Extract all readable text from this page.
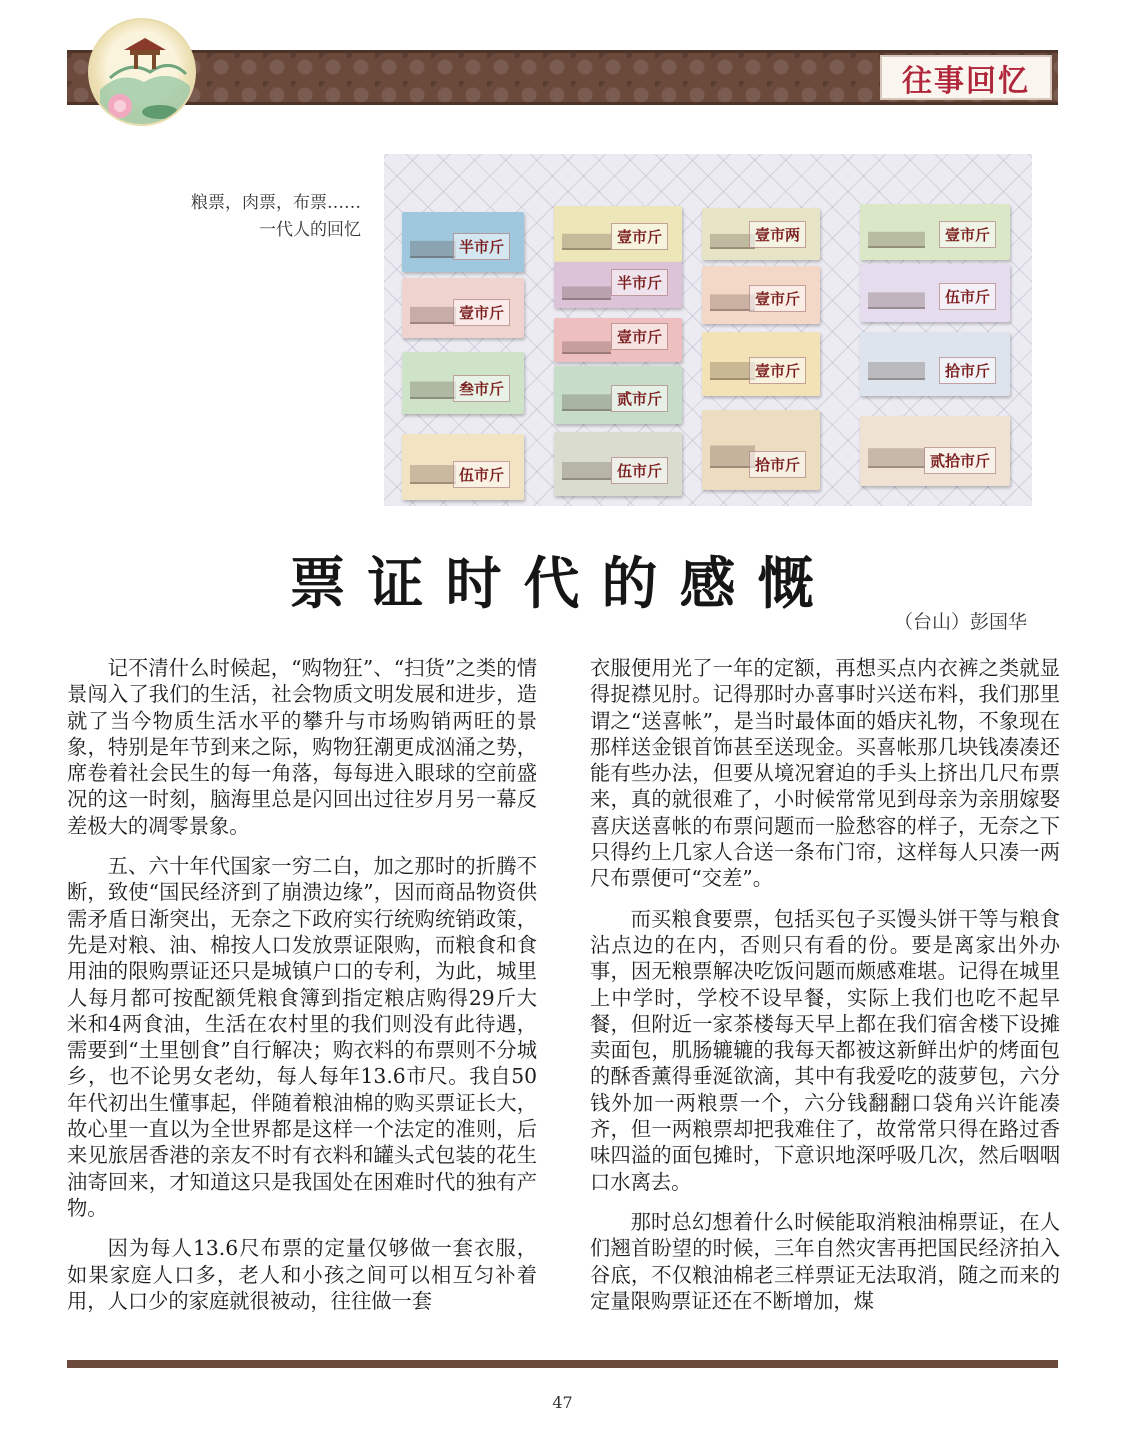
往事回忆
粮票，肉票，布票……
一代人的回忆
半市斤
壹市斤
叁市斤
伍市斤
壹市斤
半市斤
壹市斤
贰市斤
伍市斤
壹市两
壹市斤
壹市斤
拾市斤
壹市斤
伍市斤
拾市斤
贰拾市斤
票证时代的感慨
（台山）彭国华

记不清什么时候起，“购物狂”、“扫货”之类的情景闯入了我们的生活，社会物质文明发展和进步，造就了当今物质生活水平的攀升与市场购销两旺的景象，特别是年节到来之际，购物狂潮更成汹涌之势，席卷着社会民生的每一角落，每每进入眼球的空前盛况的这一时刻，脑海里总是闪回出过往岁月另一幕反差极大的凋零景象。

五、六十年代国家一穷二白，加之那时的折腾不断，致使“国民经济到了崩溃边缘”，因而商品物资供需矛盾日渐突出，无奈之下政府实行统购统销政策，先是对粮、油、棉按人口发放票证限购，而粮食和食用油的限购票证还只是城镇户口的专利，为此，城里人每月都可按配额凭粮食簿到指定粮店购得29斤大米和4两食油，生活在农村里的我们则没有此待遇，需要到“土里刨食”自行解决；购衣料的布票则不分城乡，也不论男女老幼，每人每年13.6市尺。我自50年代初出生懂事起，伴随着粮油棉的购买票证长大，故心里一直以为全世界都是这样一个法定的准则，后来见旅居香港的亲友不时有衣料和罐头式包装的花生油寄回来，才知道这只是我国处在困难时代的独有产物。

因为每人13.6尺布票的定量仅够做一套衣服，如果家庭人口多，老人和小孩之间可以相互匀补着用，人口少的家庭就很被动，往往做一套

衣服便用光了一年的定额，再想买点内衣裤之类就显得捉襟见肘。记得那时办喜事时兴送布料，我们那里谓之“送喜帐”，是当时最体面的婚庆礼物，不象现在那样送金银首饰甚至送现金。买喜帐那几块钱凑凑还能有些办法，但要从境况窘迫的手头上挤出几尺布票来，真的就很难了，小时候常常见到母亲为亲朋嫁娶喜庆送喜帐的布票问题而一脸愁容的样子，无奈之下只得约上几家人合送一条布门帘，这样每人只凑一两尺布票便可“交差”。

而买粮食要票，包括买包子买馒头饼干等与粮食沾点边的在内，否则只有看的份。要是离家出外办事，因无粮票解决吃饭问题而颇感难堪。记得在城里上中学时，学校不设早餐，实际上我们也吃不起早餐，但附近一家茶楼每天早上都在我们宿舍楼下设摊卖面包，肌肠辘辘的我每天都被这新鲜出炉的烤面包的酥香薰得垂涎欲滴，其中有我爱吃的菠萝包，六分钱外加一两粮票一个，六分钱翻翻口袋角兴许能凑齐，但一两粮票却把我难住了，故常常只得在路过香味四溢的面包摊时，下意识地深呼吸几次，然后咽咽口水离去。

那时总幻想着什么时候能取消粮油棉票证，在人们翘首盼望的时候，三年自然灾害再把国民经济拍入谷底，不仅粮油棉老三样票证无法取消，随之而来的定量限购票证还在不断增加，煤

47
